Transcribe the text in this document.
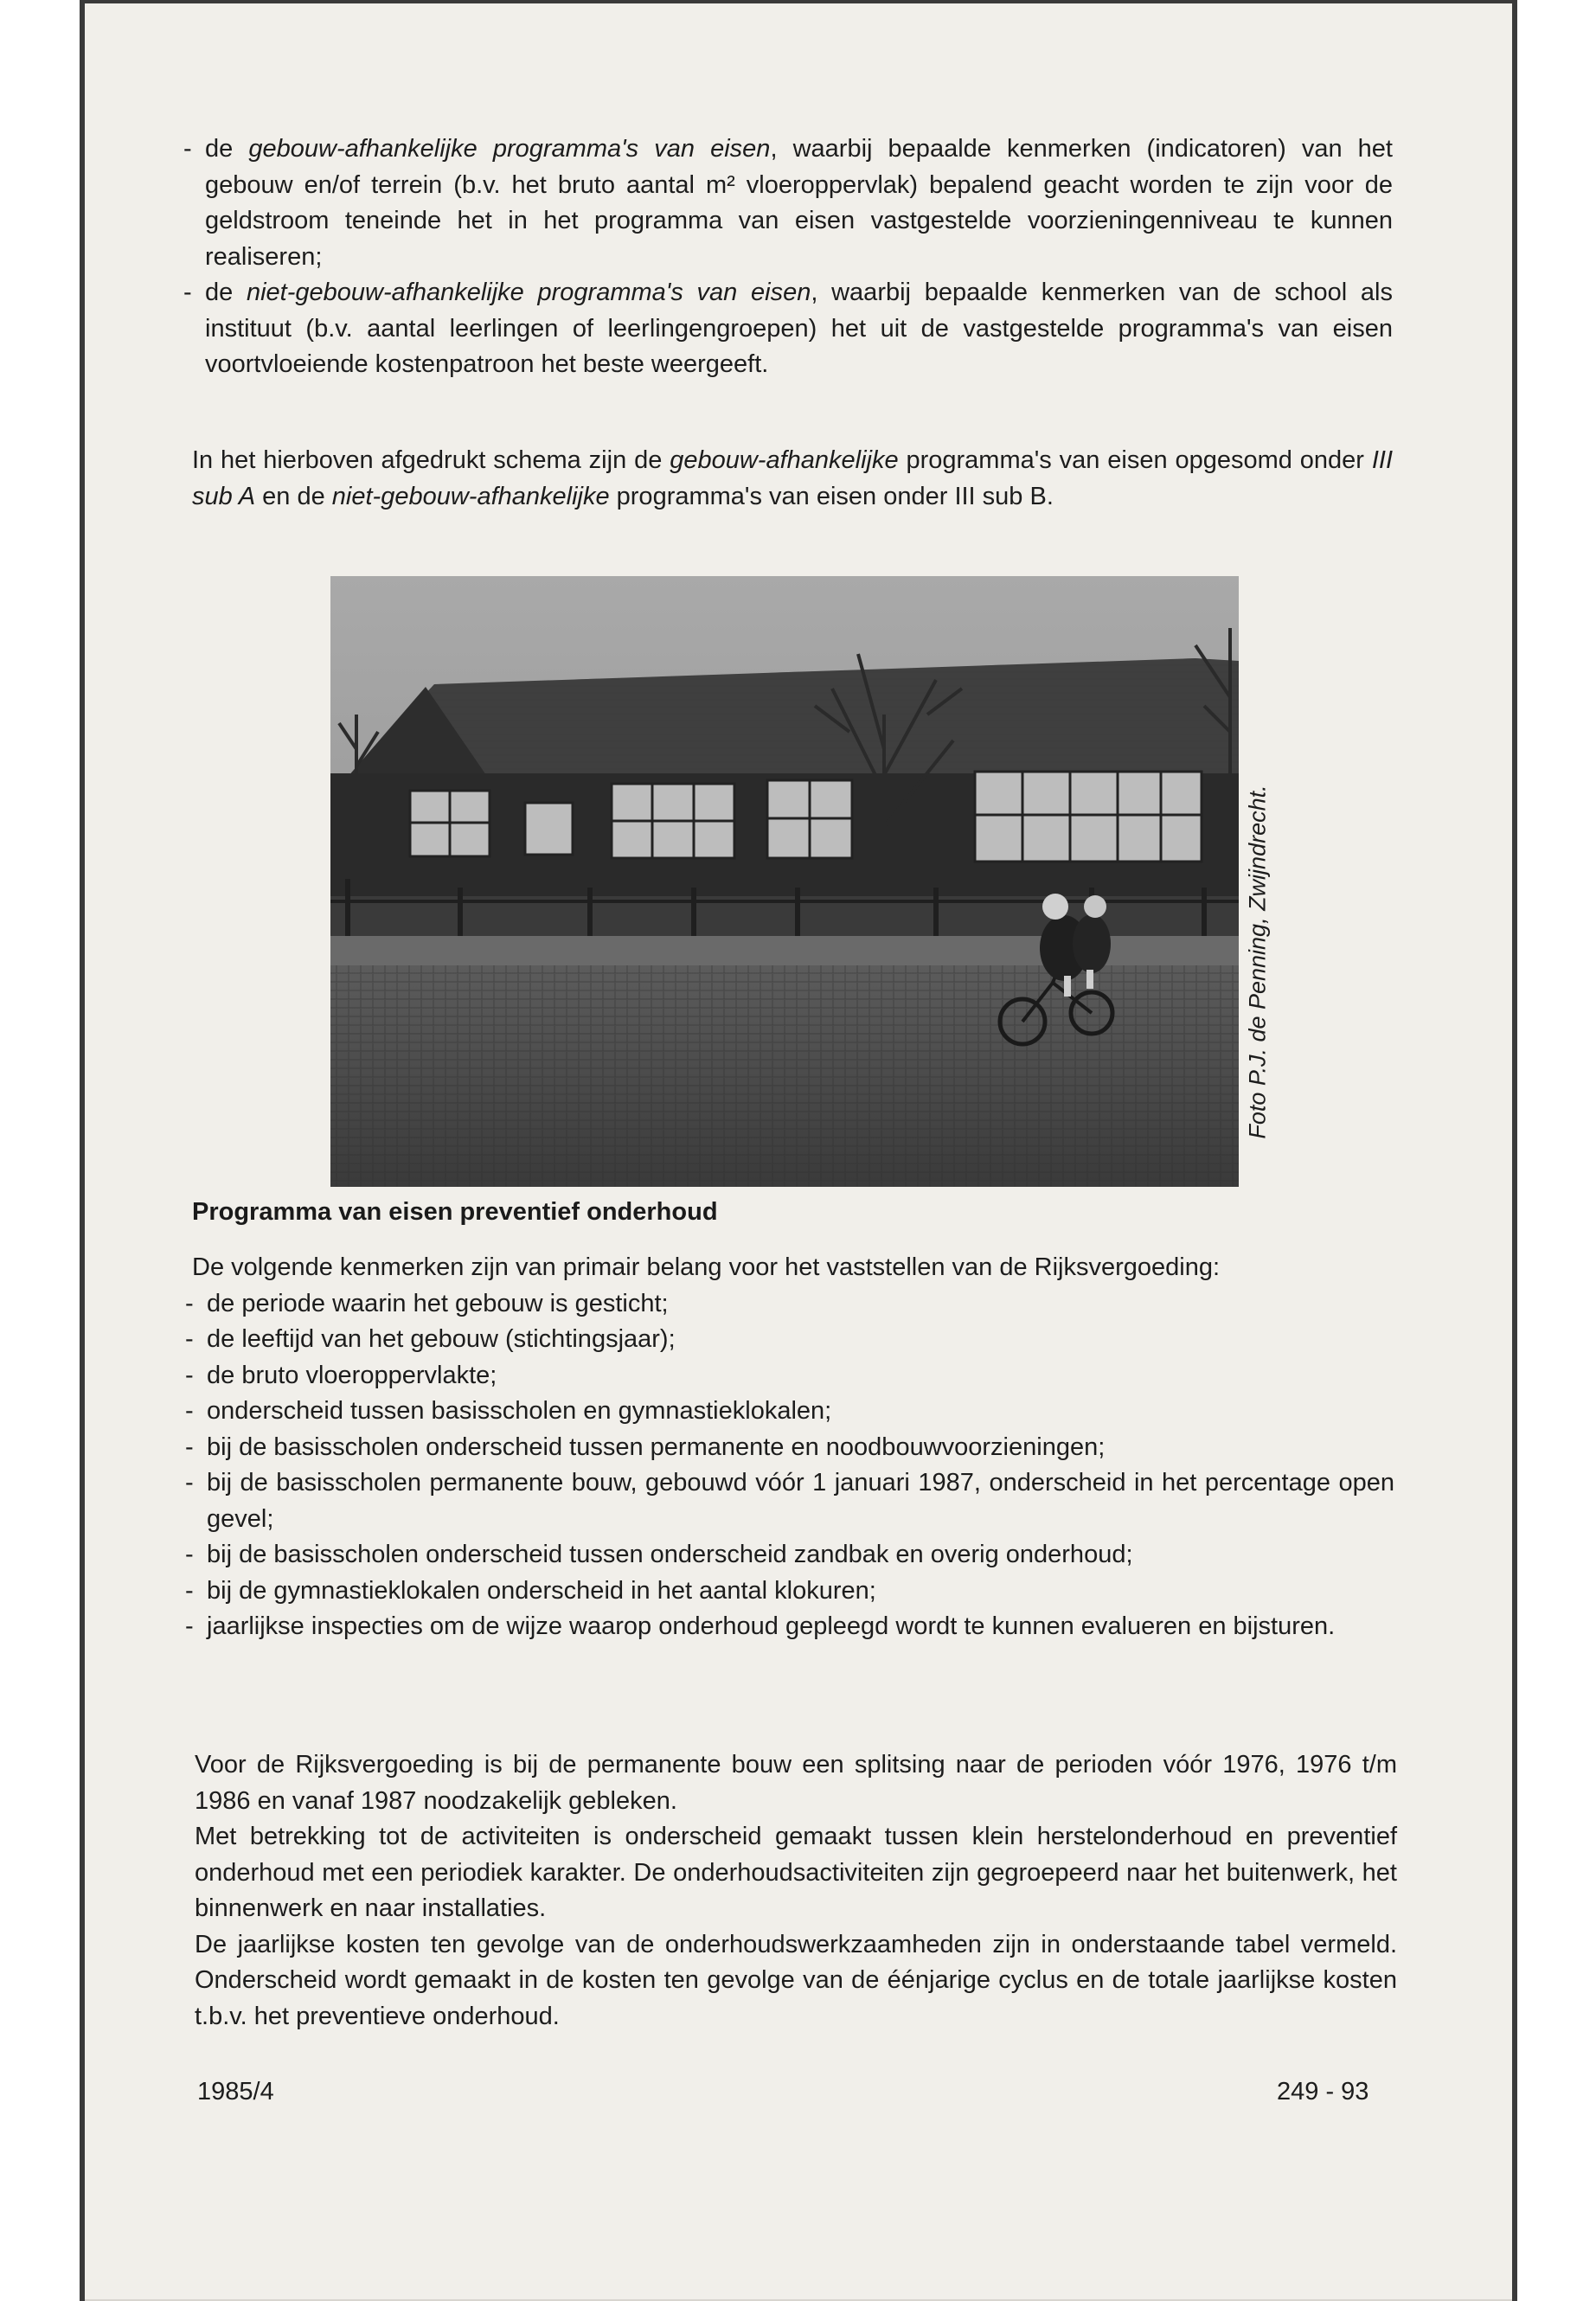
- de gebouw-afhankelijke programma's van eisen, waarbij bepaalde kenmerken (indicatoren) van het gebouw en/of terrein (b.v. het bruto aantal m² vloeroppervlak) bepalend geacht worden te zijn voor de geldstroom teneinde het in het programma van eisen vastgestelde voorzieningenniveau te kunnen realiseren;
- de niet-gebouw-afhankelijke programma's van eisen, waarbij bepaalde kenmerken van de school als instituut (b.v. aantal leerlingen of leerlingengroepen) het uit de vastgestelde programma's van eisen voortvloeiende kostenpatroon het beste weergeeft.

In het hierboven afgedrukt schema zijn de gebouw-afhankelijke programma's van eisen opgesomd onder III sub A en de niet-gebouw-afhankelijke programma's van eisen onder III sub B.

Foto P.J. de Penning, Zwijndrecht.
Programma van eisen preventief onderhoud

De volgende kenmerken zijn van primair belang voor het vaststellen van de Rijksvergoeding:

- de periode waarin het gebouw is gesticht;
- de leeftijd van het gebouw (stichtingsjaar);
- de bruto vloeroppervlakte;
- onderscheid tussen basisscholen en gymnastieklokalen;
- bij de basisscholen onderscheid tussen permanente en noodbouwvoorzieningen;
- bij de basisscholen permanente bouw, gebouwd vóór 1 januari 1987, onderscheid in het percentage open gevel;
- bij de basisscholen onderscheid tussen onderscheid zandbak en overig onderhoud;
- bij de gymnastieklokalen onderscheid in het aantal klokuren;
- jaarlijkse inspecties om de wijze waarop onderhoud gepleegd wordt te kunnen evalueren en bijsturen.

Voor de Rijksvergoeding is bij de permanente bouw een splitsing naar de perioden vóór 1976, 1976 t/m 1986 en vanaf 1987 noodzakelijk gebleken.

Met betrekking tot de activiteiten is onderscheid gemaakt tussen klein herstelonderhoud en preventief onderhoud met een periodiek karakter. De onderhoudsactiviteiten zijn gegroepeerd naar het buitenwerk, het binnenwerk en naar installaties.

De jaarlijkse kosten ten gevolge van de onderhoudswerkzaamheden zijn in onderstaande tabel vermeld. Onderscheid wordt gemaakt in de kosten ten gevolge van de éénjarige cyclus en de totale jaarlijkse kosten t.b.v. het preventieve onderhoud.

1985/4	249 - 93
